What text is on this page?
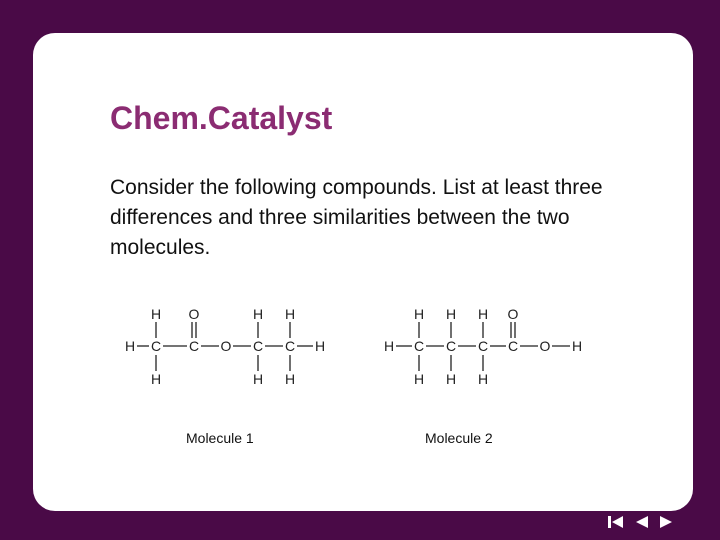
Chem.Catalyst
Consider the following compounds. List at least three differences and three similarities between the two molecules.
H O	H H
H C C O C C H
H	H H
H H H O
H C C C C O H
H H H
Molecule 1	Molecule 2
